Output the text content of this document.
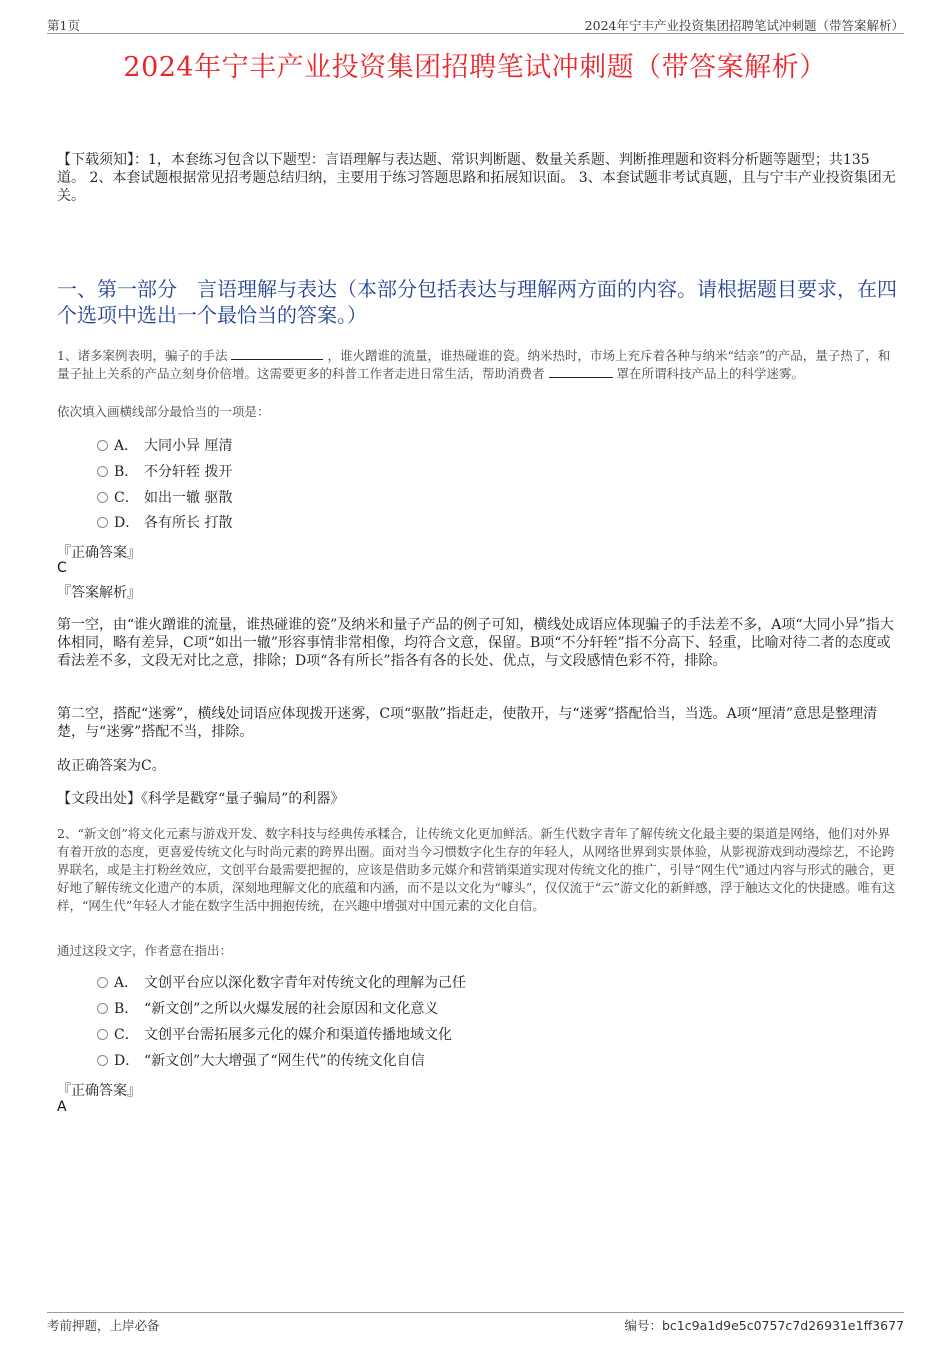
第1页	2024年宁丰产业投资集团招聘笔试冲刺题（带答案解析）
2024年宁丰产业投资集团招聘笔试冲刺题（带答案解析）
【下载须知】：1，本套练习包含以下题型：言语理解与表达题、常识判断题、数量关系题、判断推理题和资料分析题等题型；共135道。 2、本套试题根据常见招考题总结归纳，主要用于练习答题思路和拓展知识面。 3、本套试题非考试真题，且与宁丰产业投资集团无关。
一、第一部分　言语理解与表达（本部分包括表达与理解两方面的内容。请根据题目要求，在四个选项中选出一个最恰当的答案。）
1、诸多案例表明，骗子的手法	，谁火蹭谁的流量，谁热碰谁的瓷。纳米热时，市场上充斥着各种与纳米“结亲”的产品，量子热了，和量子扯上关系的产品立刻身价倍增。这需要更多的科普工作者走进日常生活，帮助消费者	罩在所谓科技产品上的科学迷雾。
依次填入画横线部分最恰当的一项是：
A． 大同小异 厘清
B． 不分轩轾 拨开
C． 如出一辙 驱散
D． 各有所长 打散
『正确答案』
C
『答案解析』
第一空，由“谁火蹭谁的流量，谁热碰谁的瓷”及纳米和量子产品的例子可知，横线处成语应体现骗子的手法差不多，A项“大同小异”指大体相同，略有差异，C项“如出一辙”形容事情非常相像，均符合文意，保留。B项“不分轩轾”指不分高下、轻重，比喻对待二者的态度或看法差不多，文段无对比之意，排除；D项“各有所长”指各有各的长处、优点，与文段感情色彩不符，排除。
第二空，搭配“迷雾”，横线处词语应体现拨开迷雾，C项“驱散”指赶走，使散开，与“迷雾”搭配恰当，当选。A项“厘清”意思是整理清楚，与“迷雾”搭配不当，排除。
故正确答案为C。
【文段出处】《科学是戳穿“量子骗局”的利器》
2、“新文创”将文化元素与游戏开发、数字科技与经典传承糅合，让传统文化更加鲜活。新生代数字青年了解传统文化最主要的渠道是网络，他们对外界有着开放的态度，更喜爱传统文化与时尚元素的跨界出圈。面对当今习惯数字化生存的年轻人，从网络世界到实景体验，从影视游戏到动漫综艺，不论跨界联名，或是主打粉丝效应，文创平台最需要把握的，应该是借助多元媒介和营销渠道实现对传统文化的推广，引导“网生代”通过内容与形式的融合，更好地了解传统文化遗产的本质，深刻地理解文化的底蕴和内涵，而不是以文化为“噱头”，仅仅流于“云”游文化的新鲜感，浮于触达文化的快捷感。唯有这样，“网生代”年轻人才能在数字生活中拥抱传统，在兴趣中增强对中国元素的文化自信。
通过这段文字，作者意在指出：
A． 文创平台应以深化数字青年对传统文化的理解为己任
B． “新文创”之所以火爆发展的社会原因和文化意义
C． 文创平台需拓展多元化的媒介和渠道传播地域文化
D． “新文创”大大增强了“网生代”的传统文化自信
『正确答案』
A
考前押题，上岸必备	编号：bc1c9a1d9e5c0757c7d26931e1ff3677
